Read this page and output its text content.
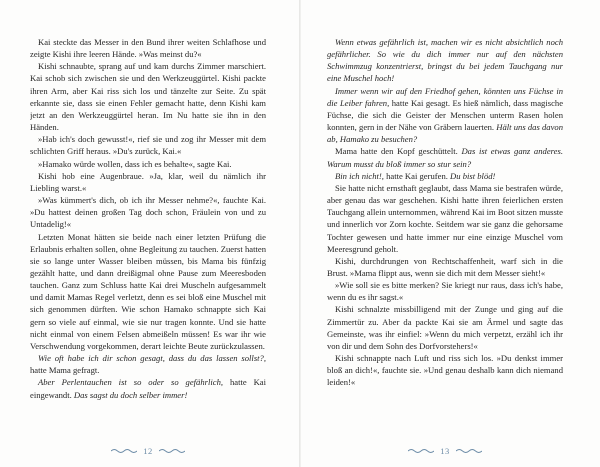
Kai steckte das Messer in den Bund ihrer weiten Schlafhose und zeigte Kishi ihre leeren Hände. »Was meinst du?«

Kishi schnaubte, sprang auf und kam durchs Zimmer marschiert. Kai schob sich zwischen sie und den Werkzeuggürtel. Kishi packte ihren Arm, aber Kai riss sich los und tänzelte zur Seite. Zu spät erkannte sie, dass sie einen Fehler gemacht hatte, denn Kishi kam jetzt an den Werkzeuggürtel heran. Im Nu hatte sie ihn in den Händen.

»Hab ich's doch gewusst!«, rief sie und zog ihr Messer mit dem schlichten Griff heraus. »Du's zurück, Kai.«

»Hamako würde wollen, dass ich es behalte«, sagte Kai.

Kishi hob eine Augenbraue. »Ja, klar, weil du nämlich ihr Liebling warst.«

»Was kümmert's dich, ob ich ihr Messer nehme?«, fauchte Kai. »Du hattest deinen großen Tag doch schon, Fräulein von und zu Untadelig!«

Letzten Monat hätten sie beide nach einer letzten Prüfung die Erlaubnis erhalten sollen, ohne Begleitung zu tauchen. Zuerst hatten sie so lange unter Wasser bleiben müssen, bis Mama bis fünfzig gezählt hatte, und dann dreißigmal ohne Pause zum Meeresboden tauchen. Ganz zum Schluss hatte Kai drei Muscheln aufgesammelt und damit Mamas Regel verletzt, denn es sei bloß eine Muschel mit sich genommen dürften. Wie schon Hamako schnappte sich Kai gern so viele auf einmal, wie sie nur tragen konnte. Und sie hatte nicht einmal von einem Felsen abmeißeln müssen! Es war ihr wie Verschwendung vorgekommen, derart leichte Beute zurückzulassen.

Wie oft habe ich dir schon gesagt, dass du das lassen sollst?, hatte Mama gefragt.

Aber Perlentauchen ist so oder so gefährlich, hatte Kai eingewandt. Das sagst du doch selber immer!

12

Wenn etwas gefährlich ist, machen wir es nicht absichtlich noch gefährlicher. So wie du dich immer nur auf den nächsten Schwimmzug konzentrierst, bringst du bei jedem Tauchgang nur eine Muschel hoch!

Immer wenn wir auf den Friedhof gehen, könnten uns Füchse in die Leiber fahren, hatte Kai gesagt. Es hieß nämlich, dass magische Füchse, die sich die Geister der Menschen unterm Rasen holen konnten, gern in der Nähe von Gräbern lauerten. Hält uns das davon ab, Hamako zu besuchen?

Mama hatte den Kopf geschüttelt. Das ist etwas ganz anderes. Warum musst du bloß immer so stur sein?

Bin ich nicht!, hatte Kai gerufen. Du bist blöd!

Sie hatte nicht ernsthaft geglaubt, dass Mama sie bestrafen würde, aber genau das war geschehen. Kishi hatte ihren feierlichen ersten Tauchgang allein unternommen, während Kai im Boot sitzen musste und innerlich vor Zorn kochte. Seitdem war sie ganz die gehorsame Tochter gewesen und hatte immer nur eine einzige Muschel vom Meeresgrund geholt.

Kishi, durchdrungen von Rechtschaffenheit, warf sich in die Brust. »Mama flippt aus, wenn sie dich mit dem Messer sieht!«

»Wie soll sie es bitte merken? Sie kriegt nur raus, dass ich's habe, wenn du es ihr sagst.«

Kishi schnalzte missbilligend mit der Zunge und ging auf die Zimmertür zu. Aber da packte Kai sie am Ärmel und sagte das Gemeinste, was ihr einfiel: »Wenn du mich verpetzt, erzähl ich ihr von dir und dem Sohn des Dorfvorstehers!«

Kishi schnappte nach Luft und riss sich los. »Du denkst immer bloß an dich!«, fauchte sie. »Und genau deshalb kann dich niemand leiden!«

13
